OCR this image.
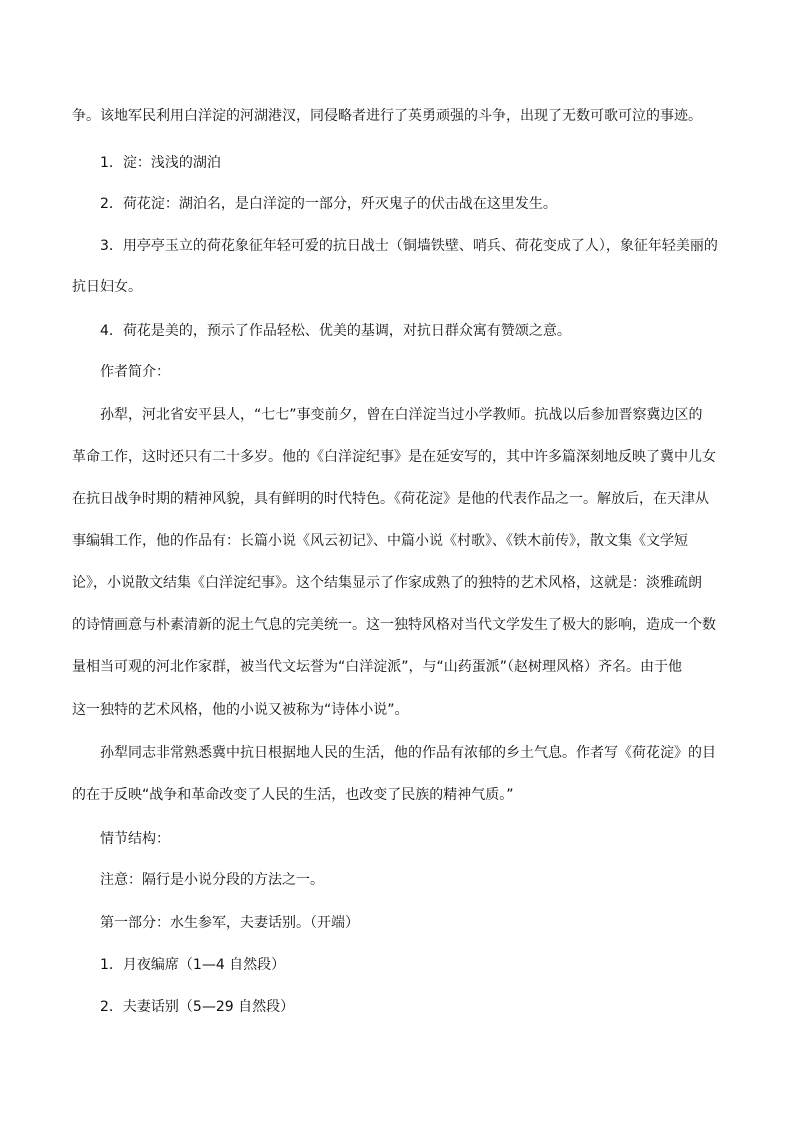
争。该地军民利用白洋淀的河湖港汊，同侵略者进行了英勇顽强的斗争，出现了无数可歌可泣的事迹。
1．淀：浅浅的湖泊
2．荷花淀：湖泊名，是白洋淀的一部分，歼灭鬼子的伏击战在这里发生。
3．用亭亭玉立的荷花象征年轻可爱的抗日战士（铜墙铁壁、哨兵、荷花变成了人），象征年轻美丽的
抗日妇女。
4．荷花是美的，预示了作品轻松、优美的基调，对抗日群众寓有赞颂之意。
作者简介：
孙犁，河北省安平县人，“七七”事变前夕，曾在白洋淀当过小学教师。抗战以后参加晋察冀边区的
革命工作，这时还只有二十多岁。他的《白洋淀纪事》是在延安写的，其中许多篇深刻地反映了冀中儿女
在抗日战争时期的精神风貌，具有鲜明的时代特色。《荷花淀》是他的代表作品之一。解放后，在天津从
事编辑工作，他的作品有：长篇小说《风云初记》、中篇小说《村歌》、《铁木前传》，散文集《文学短
论》，小说散文结集《白洋淀纪事》。这个结集显示了作家成熟了的独特的艺术风格，这就是：淡雅疏朗
的诗情画意与朴素清新的泥土气息的完美统一。这一独特风格对当代文学发生了极大的影响，造成一个数
量相当可观的河北作家群，被当代文坛誉为“白洋淀派”，与“山药蛋派”（赵树理风格）齐名。由于他
这一独特的艺术风格，他的小说又被称为“诗体小说”。
孙犁同志非常熟悉冀中抗日根据地人民的生活，他的作品有浓郁的乡土气息。作者写《荷花淀》的目
的在于反映“战争和革命改变了人民的生活，也改变了民族的精神气质。”
情节结构：
注意：隔行是小说分段的方法之一。
第一部分：水生参军，夫妻话别。（开端）
1．月夜编席（1—4 自然段）
2．夫妻话别（5—29 自然段）
